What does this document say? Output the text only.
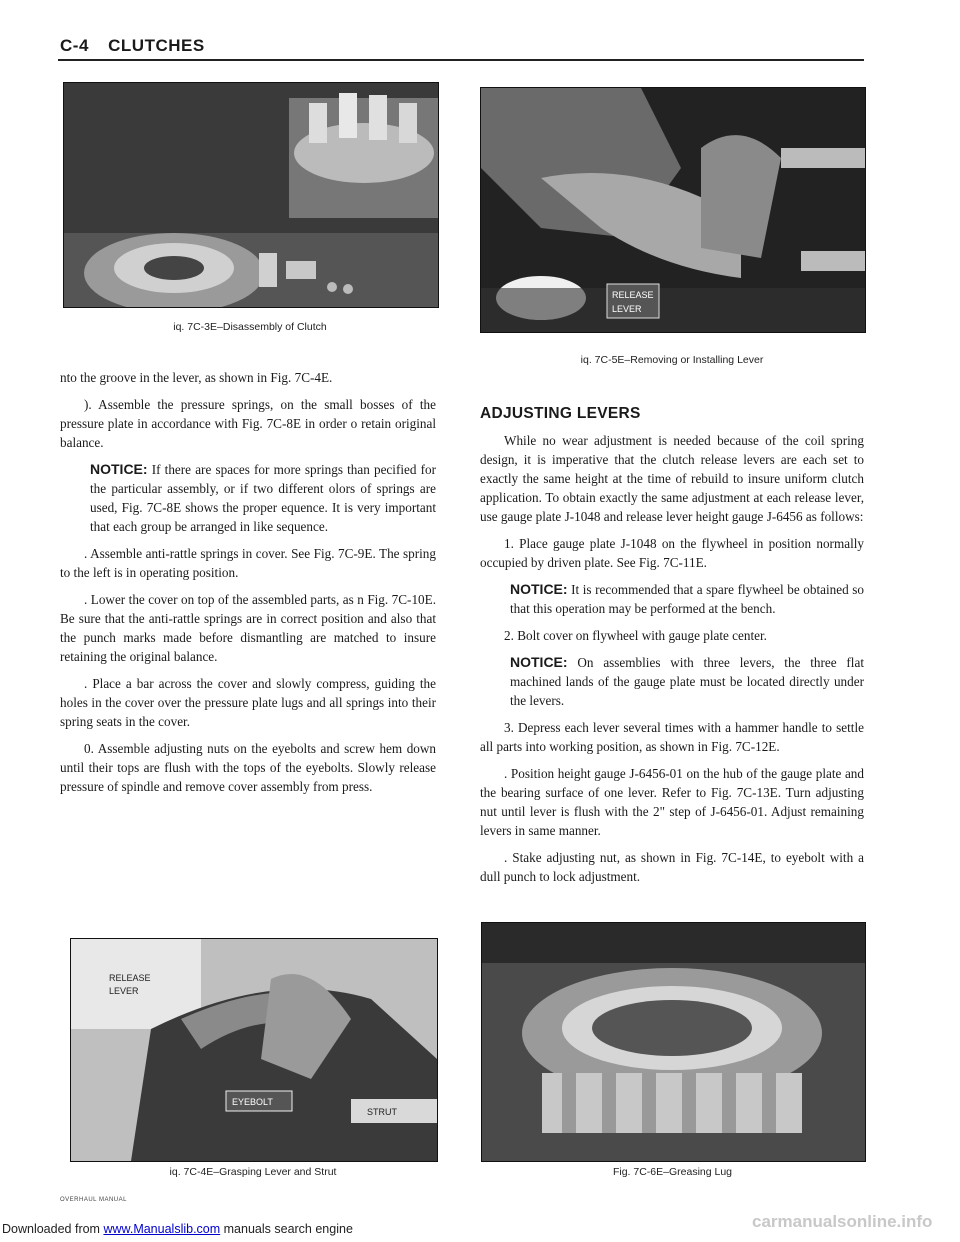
C-4 CLUTCHES
iq. 7C-3E–Disassembly of Clutch
RELEASE
LEVER
iq. 7C-5E–Removing or Installing Lever
EYEBOLT
RELEASE
LEVER
STRUT
iq. 7C-4E–Grasping Lever and Strut	Fig. 7C-6E–Greasing Lug

nto the groove in the lever, as shown in Fig. 7C-4E.

). Assemble the pressure springs, on the small bosses of the pressure plate in accordance with Fig. 7C-8E in order o retain original balance.

NOTICE: If there are spaces for more springs than pecified for the particular assembly, or if two different olors of springs are used, Fig. 7C-8E shows the proper equence. It is very important that each group be arranged in like sequence.

. Assemble anti-rattle springs in cover. See Fig. 7C-9E. The spring to the left is in operating position.

. Lower the cover on top of the assembled parts, as n Fig. 7C-10E. Be sure that the anti-rattle springs are in correct position and also that the punch marks made before dismantling are matched to insure retaining the original balance.

. Place a bar across the cover and slowly compress, guiding the holes in the cover over the pressure plate lugs and all springs into their spring seats in the cover.

0. Assemble adjusting nuts on the eyebolts and screw hem down until their tops are flush with the tops of the eyebolts. Slowly release pressure of spindle and remove cover assembly from press.

ADJUSTING LEVERS

While no wear adjustment is needed because of the coil spring design, it is imperative that the clutch release levers are each set to exactly the same height at the time of rebuild to insure uniform clutch application. To obtain exactly the same adjustment at each release lever, use gauge plate J-1048 and release lever height gauge J-6456 as follows:

1. Place gauge plate J-1048 on the flywheel in position normally occupied by driven plate. See Fig. 7C-11E.

NOTICE: It is recommended that a spare flywheel be obtained so that this operation may be performed at the bench.

2. Bolt cover on flywheel with gauge plate center.

NOTICE: On assemblies with three levers, the three flat machined lands of the gauge plate must be located directly under the levers.

3. Depress each lever several times with a hammer handle to settle all parts into working position, as shown in Fig. 7C-12E.

. Position height gauge J-6456-01 on the hub of the gauge plate and the bearing surface of one lever. Refer to Fig. 7C-13E. Turn adjusting nut until lever is flush with the 2" step of J-6456-01. Adjust remaining levers in same manner.

. Stake adjusting nut, as shown in Fig. 7C-14E, to eyebolt with a dull punch to lock adjustment.

OVERHAUL MANUAL
Downloaded from www.Manualslib.com manuals search engine	carmanualsonline.info
